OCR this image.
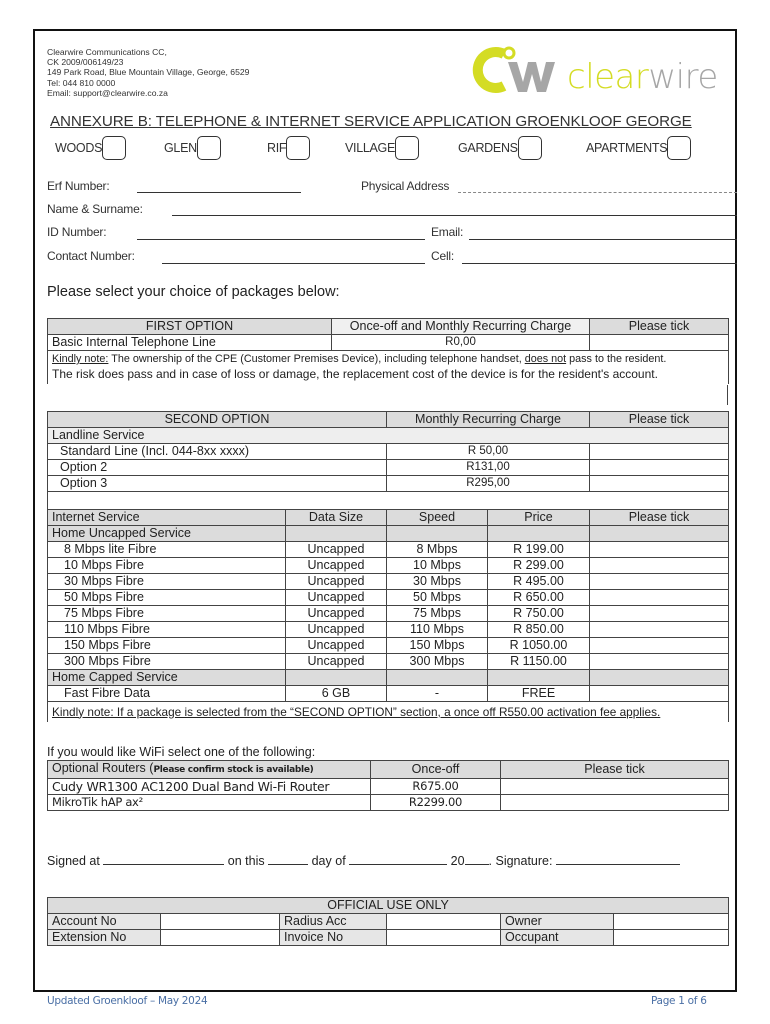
Clearwire Communications CC,
CK 2009/006149/23
149 Park Road, Blue Mountain Village, George, 6529
Tel: 044 810 0000
Email: support@clearwire.co.za	clearwire
ANNEXURE B: TELEPHONE & INTERNET SERVICE APPLICATION GROENKLOOF GEORGE
WOODS	GLEN	RIF	VILLAGE	GARDENS	APARTMENTS
Erf Number:	Physical Address
Name & Surname:
ID Number:	Email:
Contact Number:	Cell:
Please select your choice of packages below:
FIRST OPTION	Once-off and Monthly Recurring Charge	Please tick
Basic Internal Telephone Line	R0,00	
Kindly note: The ownership of the CPE (Customer Premises Device), including telephone handset, does not pass to the resident.
The risk does pass and in case of loss or damage, the replacement cost of the device is for the resident's account.		
SECOND OPTION		Monthly Recurring Charge		Please tick
Landline Service				
Standard Line (Incl. 044-8xx xxxx)		R 50,00		
Option 2		R131,00		
Option 3		R295,00		

Internet Service	Data Size	Speed	Price	Please tick
Home Uncapped Service				
8 Mbps lite Fibre	Uncapped	8 Mbps	R 199.00	
10 Mbps Fibre	Uncapped	10 Mbps	R 299.00	
30 Mbps Fibre	Uncapped	30 Mbps	R 495.00	
50 Mbps Fibre	Uncapped	50 Mbps	R 650.00	
75 Mbps Fibre	Uncapped	75 Mbps	R 750.00	
110 Mbps Fibre	Uncapped	110 Mbps	R 850.00	
150 Mbps Fibre	Uncapped	150 Mbps	R 1050.00	
300 Mbps Fibre	Uncapped	300 Mbps	R 1150.00	
Home Capped Service				
Fast Fibre Data	6 GB	-	FREE	
Kindly note: If a package is selected from the “SECOND OPTION” section, a once off R550.00 activation fee applies.				
If you would like WiFi select one of the following:
Optional Routers (Please confirm stock is available)	Once-off	Please tick
Cudy WR1300 AC1200 Dual Band Wi-Fi Router	R675.00	
MikroTik hAP ax²	R2299.00	
Signed at	on this	day of	20 . Signature:
OFFICIAL USE ONLY					
Account No		Radius Acc		Owner	
Extension No		Invoice No		Occupant	
Updated Groenkloof – May 2024	Page 1 of 6
